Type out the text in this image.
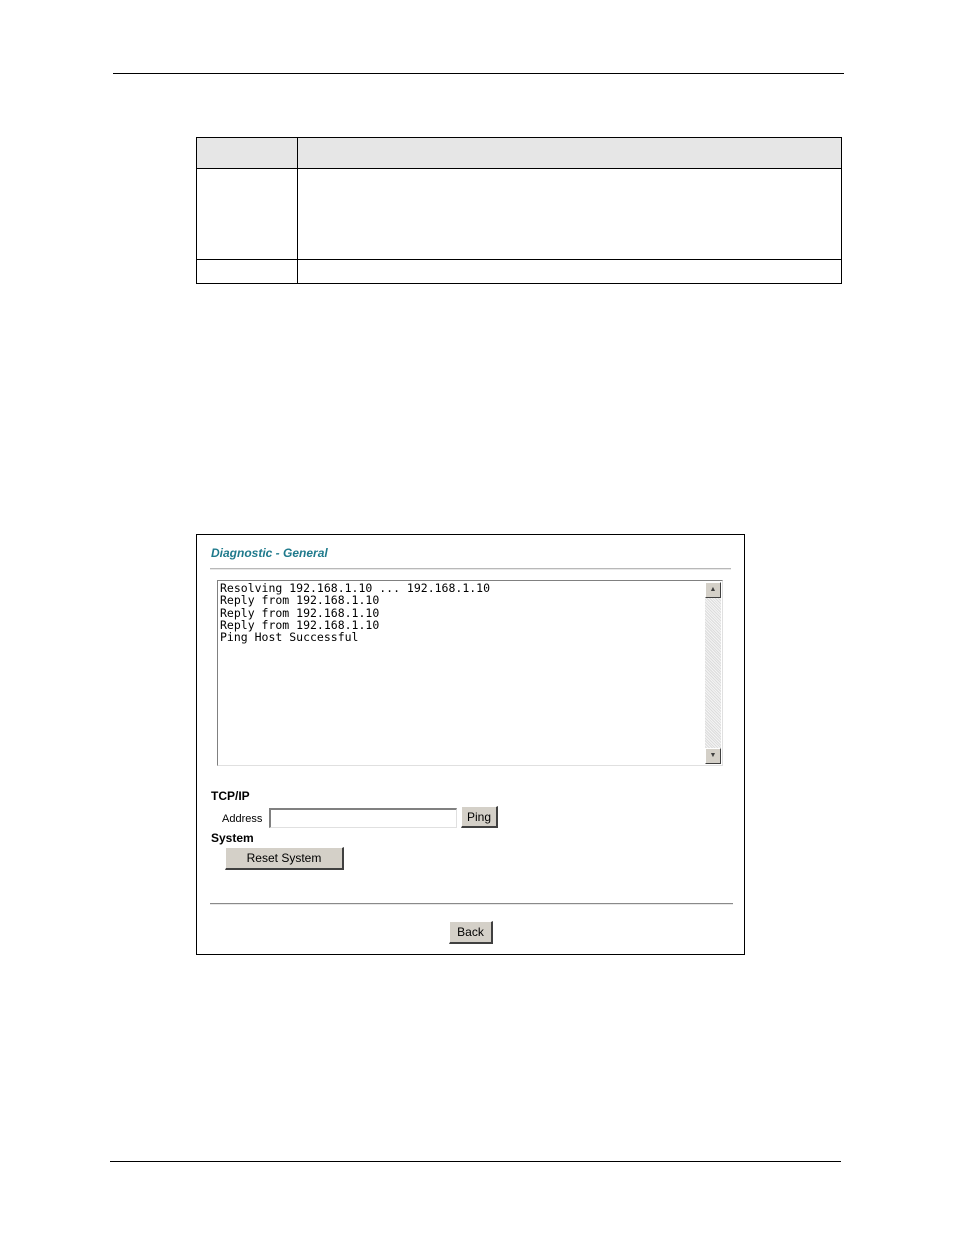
Diagnostic - General
Resolving 192.168.1.10 ... 192.168.1.10
Reply from 192.168.1.10
Reply from 192.168.1.10
Reply from 192.168.1.10
Ping Host Successful
▲
▼
TCP/IP
Address	Ping
System
Reset System
Back
